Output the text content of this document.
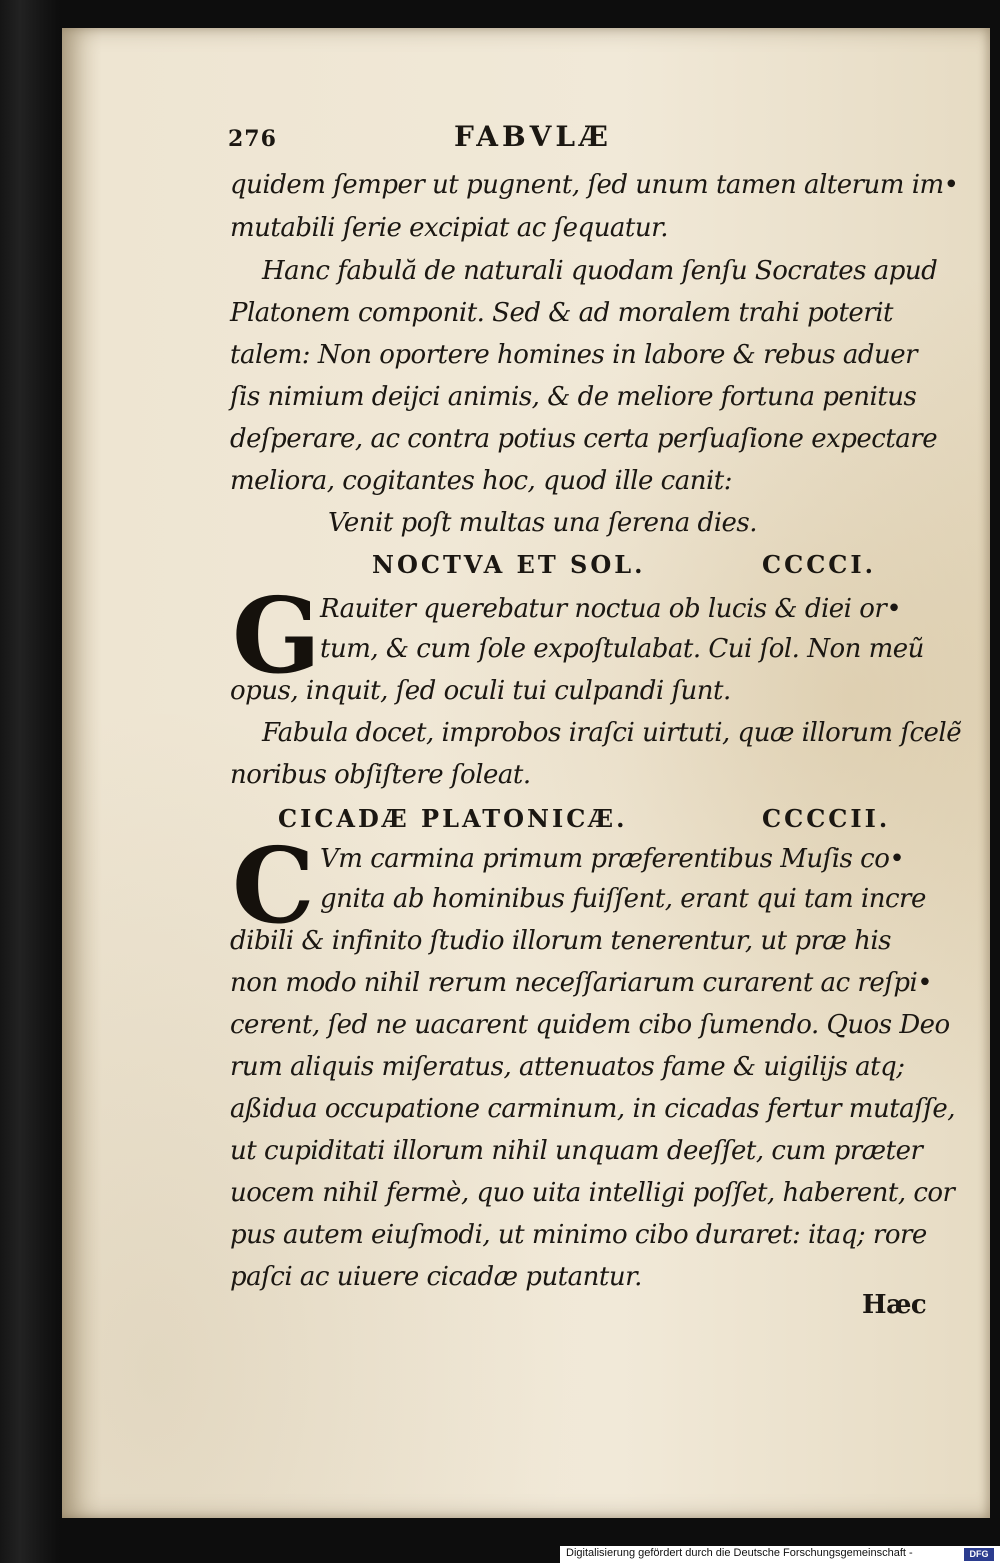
276	FABVLÆ
quidem ſemper ut pugnent, ſed unum tamen alterum im•
mutabili ſerie excipiat ac ſequatur.
Hanc fabulă de naturali quodam ſenſu Socrates apud
Platonem componit. Sed & ad moralem trahi poterit
talem: Non oportere homines in labore & rebus aduer
ſis nimium deijci animis, & de meliore fortuna penitus
deſperare, ac contra potius certa perſuaſione expectare
meliora, cogitantes hoc, quod ille canit:
Venit poſt multas una ſerena dies.
NOCTVA ET SOL.	CCCCI.
G Rauiter querebatur noctua ob lucis & diei or•
tum, & cum ſole expoſtulabat. Cui ſol. Non meũ
opus, inquit, ſed oculi tui culpandi ſunt.
Fabula docet, improbos iraſci uirtuti, quæ illorum ſcelẽ
noribus obſiſtere ſoleat.
CICADÆ PLATONICÆ.	CCCCII.
C Vm carmina primum præferentibus Muſis co•
gnita ab hominibus fuiſſent, erant qui tam incre
dibili & infinito ſtudio illorum tenerentur, ut præ his
non modo nihil rerum neceſſariarum curarent ac reſpi•
cerent, ſed ne uacarent quidem cibo ſumendo. Quos Deo
rum aliquis miſeratus, attenuatos fame & uigilijs atq;
aßidua occupatione carminum, in cicadas fertur mutaſſe,
ut cupiditati illorum nihil unquam deeſſet, cum præter
uocem nihil fermè, quo uita intelligi poſſet, haberent, cor
pus autem eiuſmodi, ut minimo cibo duraret: itaq; rore
paſci ac uiuere cicadæ putantur.
Hæc
Digitalisierung gefördert durch die Deutsche Forschungsgemeinschaft -	DFG
